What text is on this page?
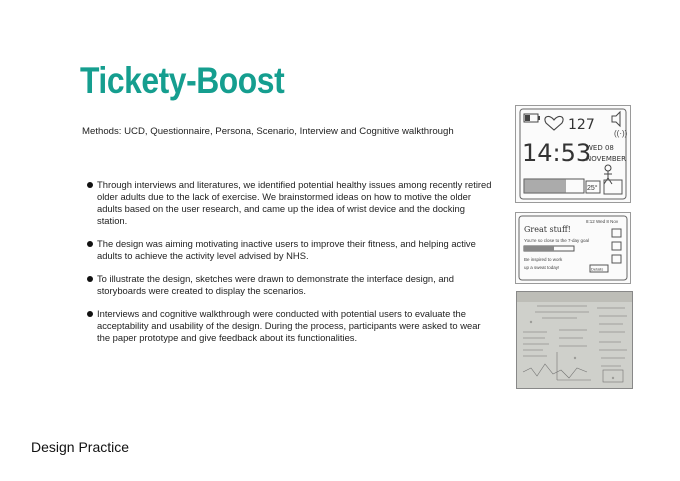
Tickety-Boost
Methods: UCD, Questionnaire, Persona, Scenario, Interview and Cognitive walkthrough
Through interviews and literatures, we identified potential healthy issues among recently retired older adults due to the lack of exercise. We brainstormed ideas on how to motive the older adults based on the user research, and came up the idea of wrist device and the docking station.
The design was aiming motivating inactive users to improve their fitness, and helping active adults to achieve the activity level advised by NHS.
To illustrate the design, sketches were drawn to demonstrate the interface design, and storyboards were created to display the scenarios.
Interviews and cognitive walkthrough were conducted with potential users to evaluate the acceptability and usability of the design. During the process, participants were asked to wear the paper prototype and give feedback about its functionalities.
Design Practice
127
((·))
14:53
WED 08
NOVEMBER
25°
8:12 Wed 8 Nov
Great stuff!
You're so close to the 7-day goal
Be inspired to work
up a sweat today!	Details
